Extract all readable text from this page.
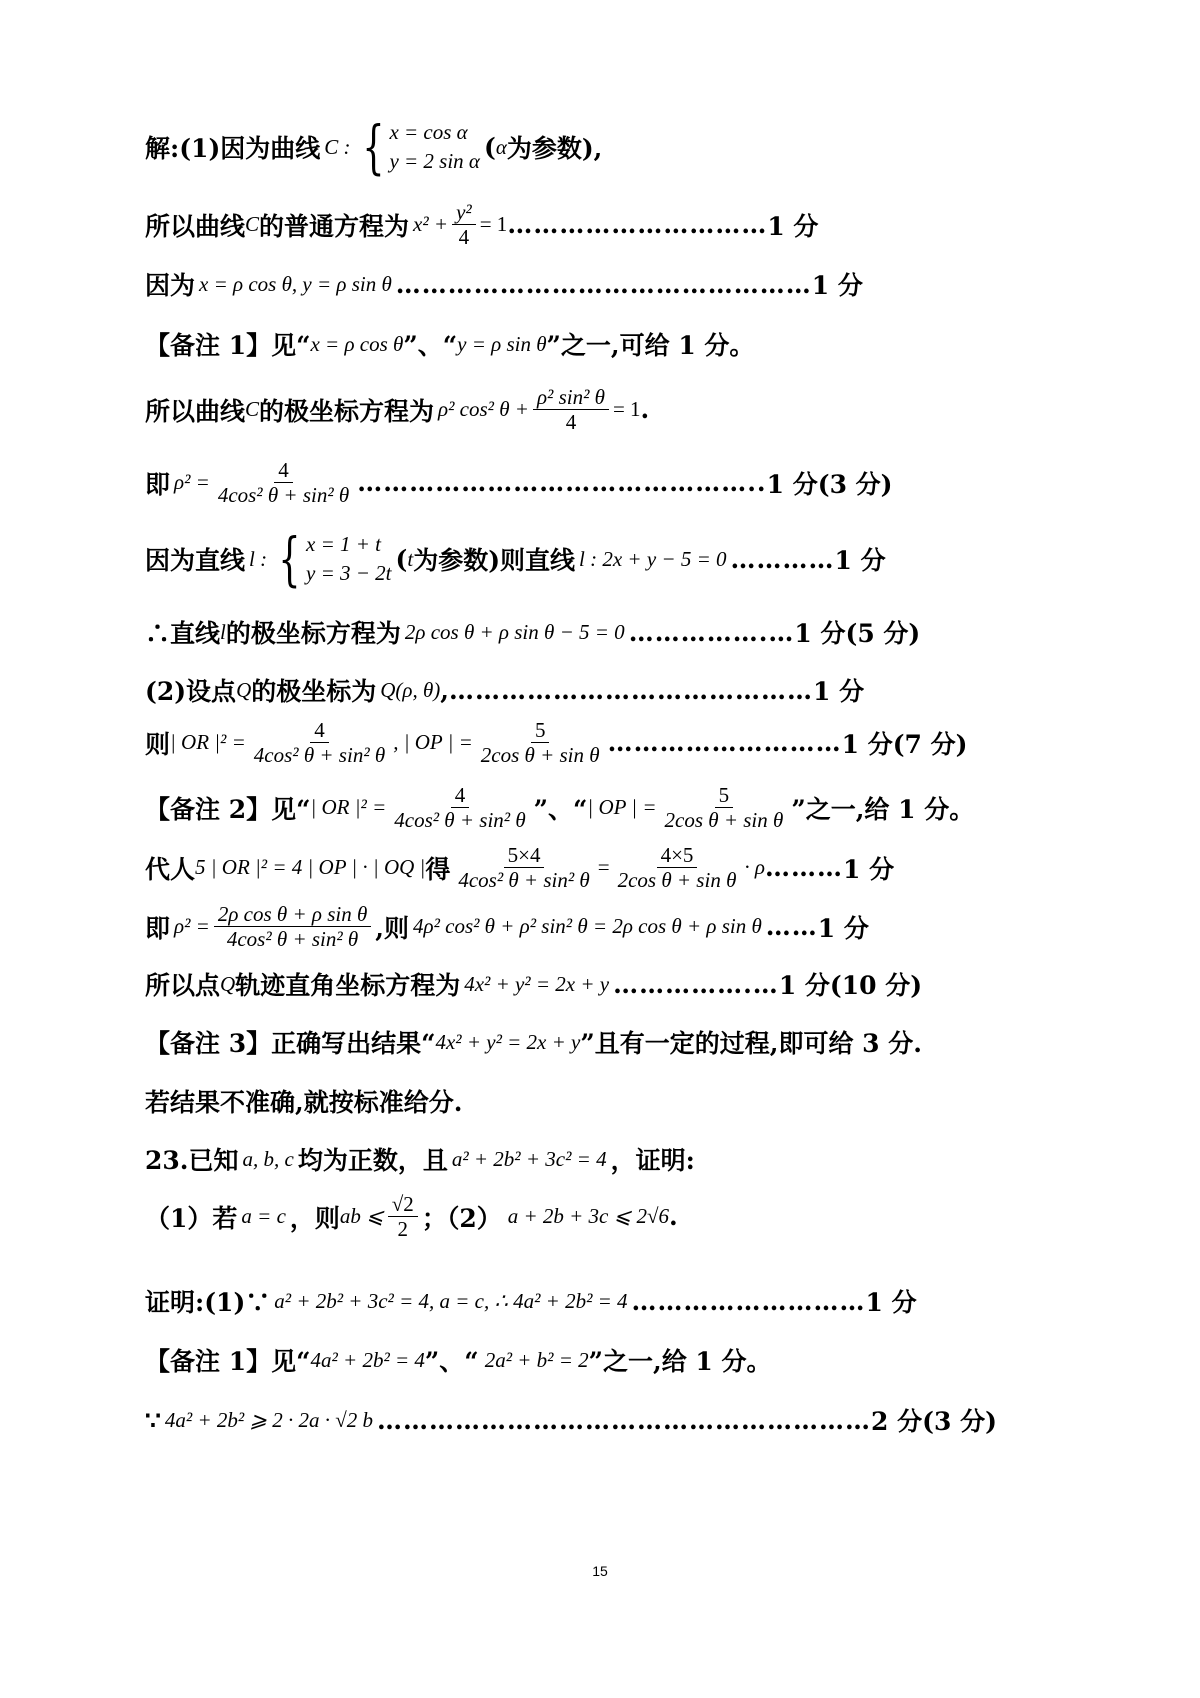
解:(1)因为曲线 C : { x = cos α
y = 2 sin α ( α 为参数),
所以曲线 C 的普通方程为 $x^2 + \frac{\text{y²}}{4} = 1$ ………………………… 1 分
因为 x = ρ cos θ, y = ρ sin θ ………………………………………… 1 分
【备注 1】见“ x = ρ cos θ ”、“ y = ρ sin θ ”之一,可给 1 分。
所以曲线 C 的极坐标方程为 ρ² cos² $\theta + \frac{\text{ρ² sin² θ}}{4} = 1$ .
即 $\rho^2 = \frac{4}{\text{4cos² θ + sin² θ}}$ ……………………………………….. 1 分(3 分)
因为直线 l : { x = 1 + t
y = 3 − 2t ( t 为参数)则直线 l : 2x + y − 5 = 0 ………… 1 分
∴直线 l 的极坐标方程为 2ρ cos θ + ρ sin θ − 5 = 0 …………….… 1 分(5 分)
(2)设点 Q 的极坐标为 Q(ρ, θ) , …………………………………… 1 分
则 | OR $|^2 = \frac{4}{\text{4cos² θ + sin² θ}}$ , | OP | = $\frac{5}{\text{2cos θ + sin θ}}$ ……………………… 1 分(7 分)
【备注 2】见“ | OR $|^2 = \frac{4}{\text{4cos² θ + sin² θ}}$ ”、“ | OP | = $\frac{5}{\text{2cos θ + sin θ}}$ ”之一,给 1 分。
代人 5 | OR |² = 4 | OP | · | OQ | 得 $\frac{5\times 4}{\text{4cos² θ + sin² θ}} = \frac{4\times 5}{\text{2cos θ + sin θ}} \cdot \rho$ ……… 1 分
即 $\rho^2 = \frac{\text{2ρ cos θ + ρ sin θ}}{\text{4cos² θ + sin² θ}}$ ,则 4ρ² cos² θ + ρ² sin² θ = 2ρ cos θ + ρ sin θ …… 1 分
所以点 Q 轨迹直角坐标方程为 4x² + y² = 2x + y …………….… 1 分(10 分)
【备注 3】正确写出结果“ 4x² + y² = 2x + y ”且有一定的过程,即可给 3 分.
若结果不准确,就按标准给分.
23.已知 a, b, c 均为正数，且 a² + 2b² + 3c² = 4 ，证明:
（1）若 a = c ，则 ab ⩽ $\frac{√2}{2}$ ；（2） a + 2b + 3c ⩽ 2√6 .
证明:(1)∵ a² + 2b² + 3c² = 4, a = c, ∴ 4a² + 2b² = 4 ……………………… 1 分
【备注 1】见“ 4a² + 2b² = 4 ”、“ 2a² + b² = 2 ”之一,给 1 分。
∵ 4a² + 2b² ⩾ 2 · 2a · √2 b ………………………………………………… 2 分(3 分)
15
